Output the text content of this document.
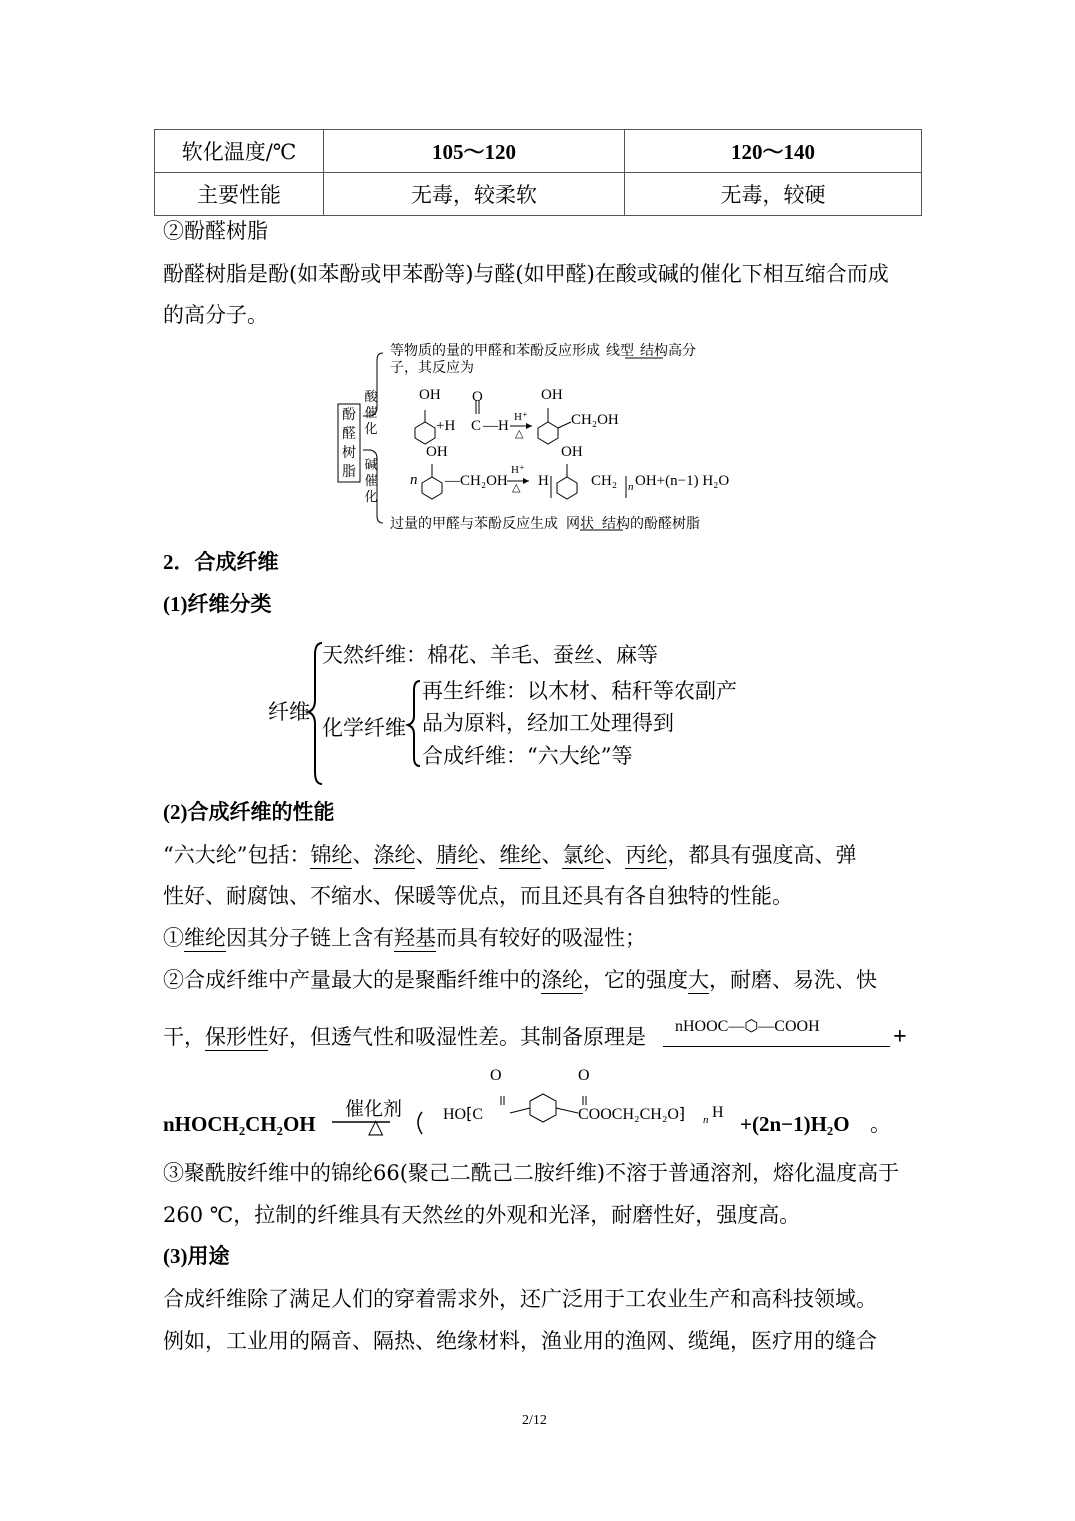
软化温度/℃	105～120	120～140
主要性能	无毒，较柔软	无毒，较硬
②酚醛树脂
酚醛树脂是酚(如苯酚或甲苯酚等)与醛(如甲醛)在酸或碱的催化下相互缩合而成
的高分子。
酚
醛
树
脂
酸
催
化
碱
催
化
等物质的量的甲醛和苯酚反应形成 线型 结构高分
子，其反应为
OH O
+H C —H
H⁺
△
OH
CH₂OH
OH
n —CH₂OH
H⁺
△ H
OH
CH₂ n OH+(n−1) H₂O
过量的甲醛与苯酚反应生成 网状 结构的酚醛树脂
2．合成纤维
(1)纤维分类
纤维
天然纤维：棉花、羊毛、蚕丝、麻等
化学纤维
再生纤维：以木材、秸秆等农副产
品为原料，经加工处理得到
合成纤维：“六大纶”等
(2)合成纤维的性能
“六大纶”包括：锦纶、涤纶、腈纶、维纶、氯纶、丙纶，都具有强度高、弹
性好、耐腐蚀、不缩水、保暖等优点，而且还具有各自独特的性能。
①维纶因其分子链上含有羟基而具有较好的吸湿性；
②合成纤维中产量最大的是聚酯纤维中的涤纶，它的强度大，耐磨、易洗、快
干，保形性好，但透气性和吸湿性差。其制备原理是 nHOOC—⬡—COOH	+
nHOCH₂CH₂OH
催化剂
△
O	O
HO⁅C	COOCH₂CH₂O⁆ n H +(2n−1)H₂O 。
③聚酰胺纤维中的锦纶66(聚己二酰己二胺纤维)不溶于普通溶剂，熔化温度高于
260 ℃，拉制的纤维具有天然丝的外观和光泽，耐磨性好，强度高。
(3)用途
合成纤维除了满足人们的穿着需求外，还广泛用于工农业生产和高科技领域。
例如，工业用的隔音、隔热、绝缘材料，渔业用的渔网、缆绳，医疗用的缝合
2/12
